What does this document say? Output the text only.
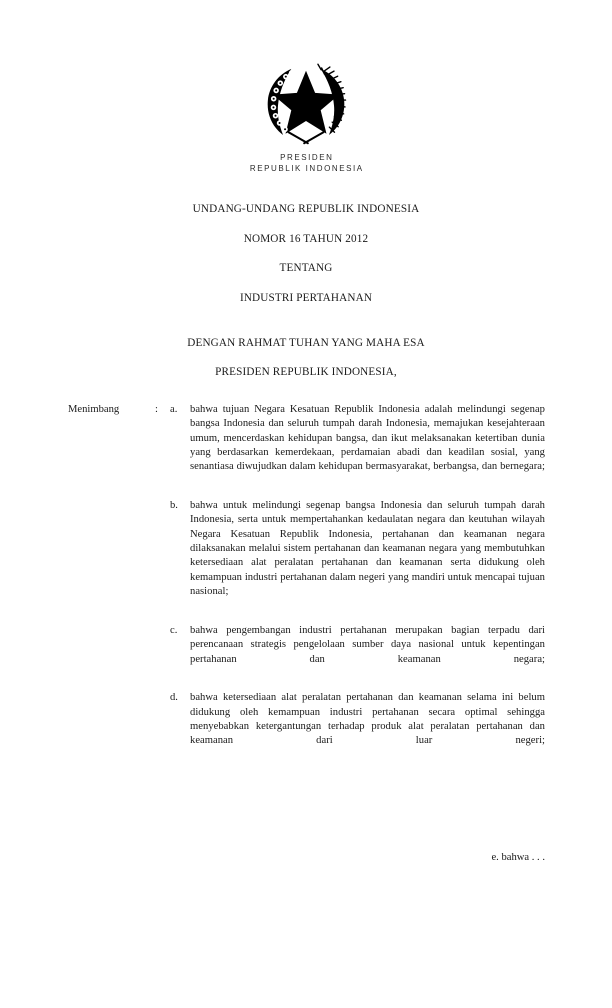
PRESIDEN
REPUBLIK INDONESIA
UNDANG-UNDANG REPUBLIK INDONESIA
NOMOR 16 TAHUN 2012
TENTANG
INDUSTRI PERTAHANAN
DENGAN RAHMAT TUHAN YANG MAHA ESA
PRESIDEN REPUBLIK INDONESIA,
Menimbang	: a. bahwa tujuan Negara Kesatuan Republik Indonesia adalah melindungi segenap bangsa Indonesia dan seluruh tumpah darah Indonesia, memajukan kesejahteraan umum, mencerdaskan kehidupan bangsa, dan ikut melaksanakan ketertiban dunia yang berdasarkan kemerdekaan, perdamaian abadi dan keadilan sosial, yang senantiasa diwujudkan dalam kehidupan bermasyarakat, berbangsa, dan bernegara;
b. bahwa untuk melindungi segenap bangsa Indonesia dan seluruh tumpah darah Indonesia, serta untuk mempertahankan kedaulatan negara dan keutuhan wilayah Negara Kesatuan Republik Indonesia, pertahanan dan keamanan negara dilaksanakan melalui sistem pertahanan dan keamanan negara yang membutuhkan ketersediaan alat peralatan pertahanan dan keamanan serta didukung oleh kemampuan industri pertahanan dalam negeri yang mandiri untuk mencapai tujuan nasional;
c. bahwa pengembangan industri pertahanan merupakan bagian terpadu dari perencanaan strategis pengelolaan sumber daya nasional untuk kepentingan pertahanan dan keamanan negara;
d. bahwa ketersediaan alat peralatan pertahanan dan keamanan selama ini belum didukung oleh kemampuan industri pertahanan secara optimal sehingga menyebabkan ketergantungan terhadap produk alat peralatan pertahanan dan keamanan dari luar negeri;
e. bahwa . . .
